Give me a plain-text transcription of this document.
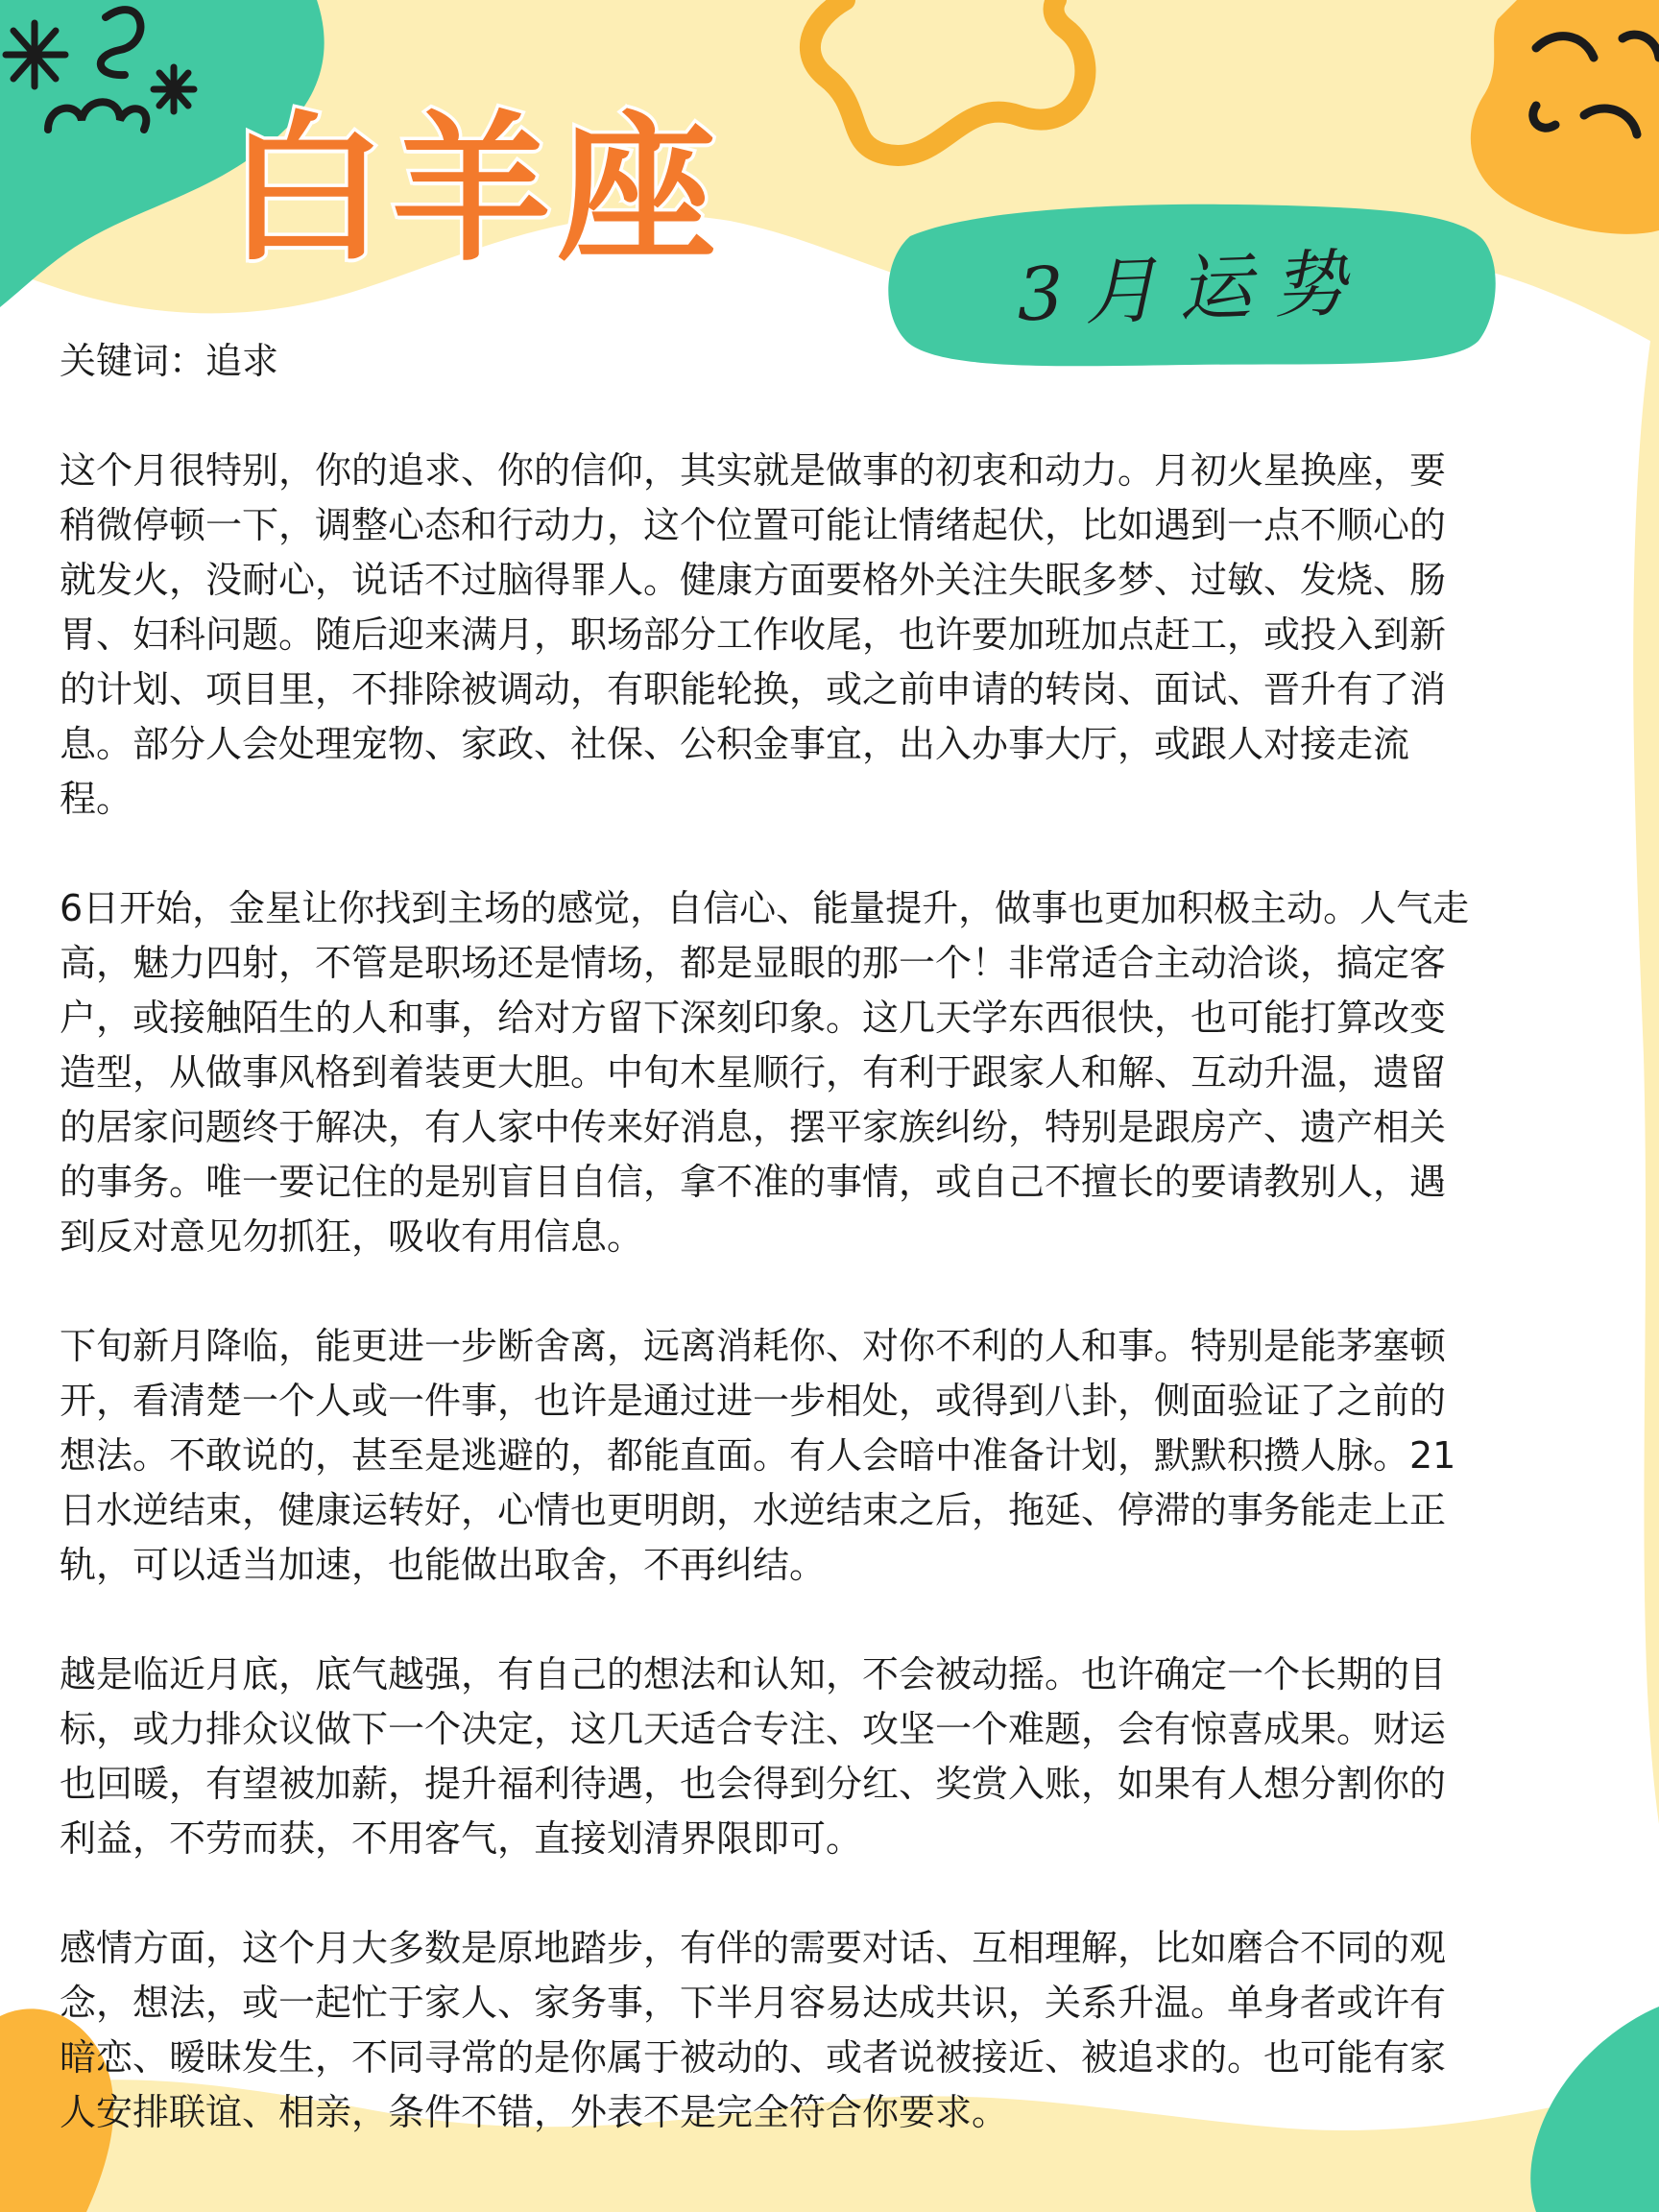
白羊座
3月运势

关键词：追求

这个月很特别，你的追求、你的信仰，其实就是做事的初衷和动力。月初火星换座，要
稍微停顿一下，调整心态和行动力，这个位置可能让情绪起伏，比如遇到一点不顺心的
就发火，没耐心，说话不过脑得罪人。健康方面要格外关注失眠多梦、过敏、发烧、肠
胃、妇科问题。随后迎来满月，职场部分工作收尾，也许要加班加点赶工，或投入到新
的计划、项目里，不排除被调动，有职能轮换，或之前申请的转岗、面试、晋升有了消
息。部分人会处理宠物、家政、社保、公积金事宜，出入办事大厅，或跟人对接走流
程。

6日开始，金星让你找到主场的感觉，自信心、能量提升，做事也更加积极主动。人气走
高，魅力四射，不管是职场还是情场，都是显眼的那一个！非常适合主动洽谈，搞定客
户，或接触陌生的人和事，给对方留下深刻印象。这几天学东西很快，也可能打算改变
造型，从做事风格到着装更大胆。中旬木星顺行，有利于跟家人和解、互动升温，遗留
的居家问题终于解决，有人家中传来好消息，摆平家族纠纷，特别是跟房产、遗产相关
的事务。唯一要记住的是别盲目自信，拿不准的事情，或自己不擅长的要请教别人，遇
到反对意见勿抓狂，吸收有用信息。

下旬新月降临，能更进一步断舍离，远离消耗你、对你不利的人和事。特别是能茅塞顿
开，看清楚一个人或一件事，也许是通过进一步相处，或得到八卦，侧面验证了之前的
想法。不敢说的，甚至是逃避的，都能直面。有人会暗中准备计划，默默积攒人脉。21
日水逆结束，健康运转好，心情也更明朗，水逆结束之后，拖延、停滞的事务能走上正
轨，可以适当加速，也能做出取舍，不再纠结。

越是临近月底，底气越强，有自己的想法和认知，不会被动摇。也许确定一个长期的目
标，或力排众议做下一个决定，这几天适合专注、攻坚一个难题，会有惊喜成果。财运
也回暖，有望被加薪，提升福利待遇，也会得到分红、奖赏入账，如果有人想分割你的
利益，不劳而获，不用客气，直接划清界限即可。

感情方面，这个月大多数是原地踏步，有伴的需要对话、互相理解，比如磨合不同的观
念，想法，或一起忙于家人、家务事，下半月容易达成共识，关系升温。单身者或许有
暗恋、暧昧发生，不同寻常的是你属于被动的、或者说被接近、被追求的。也可能有家
人安排联谊、相亲，条件不错，外表不是完全符合你要求。
